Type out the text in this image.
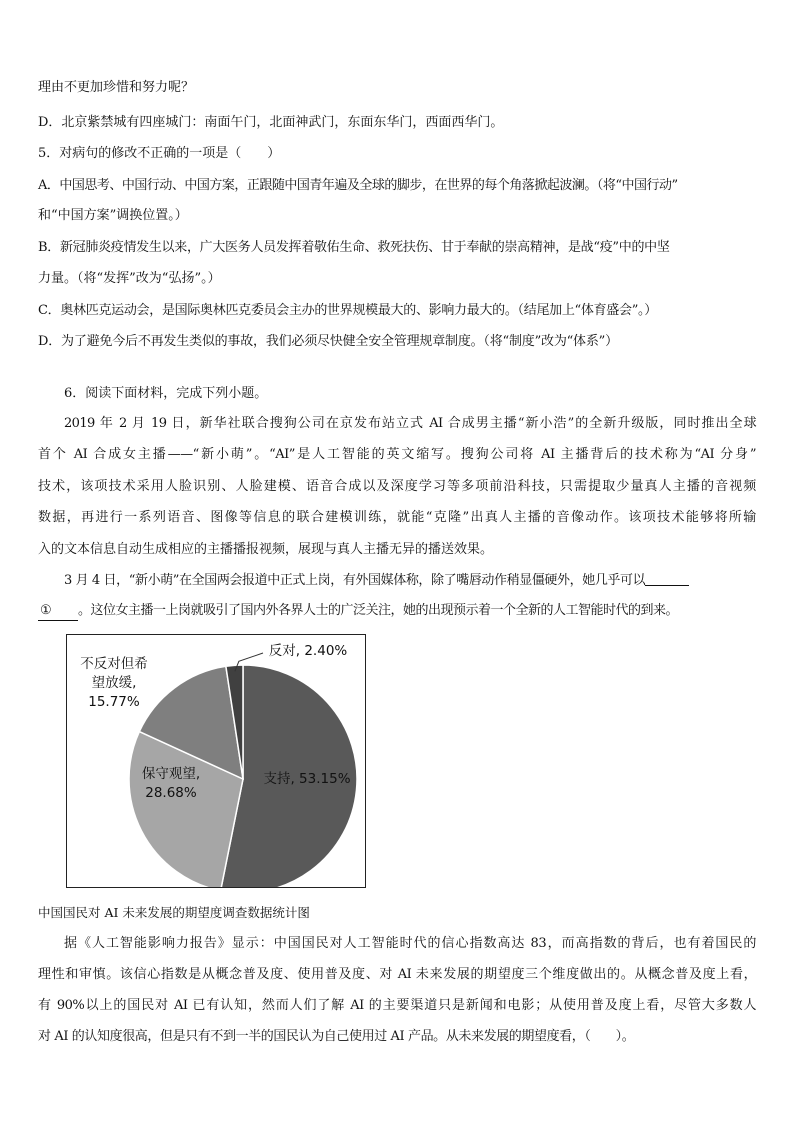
理由不更加珍惜和努力呢？
D．北京紫禁城有四座城门：南面午门，北面神武门，东面东华门，西面西华门。
5．对病句的修改不正确的一项是（　　）
A．中国思考、中国行动、中国方案，正跟随中国青年遍及全球的脚步，在世界的每个角落掀起波澜。（将“中国行动”
和“中国方案”调换位置。）
B．新冠肺炎疫情发生以来，广大医务人员发挥着敬佑生命、救死扶伤、甘于奉献的崇高精神，是战“疫”中的中坚
力量。（将“发挥”改为“弘扬”。）
C．奥林匹克运动会，是国际奥林匹克委员会主办的世界规模最大的、影响力最大的。（结尾加上“体育盛会”。）
D．为了避免今后不再发生类似的事故，我们必须尽快健全安全管理规章制度。（将“制度”改为“体系”）
6．阅读下面材料，完成下列小题。
2019 年 2 月 19 日，新华社联合搜狗公司在京发布站立式 AI 合成男主播“新小浩”的全新升级版，同时推出全球
首个 AI 合成女主播——“新小萌”。“AI”是人工智能的英文缩写。搜狗公司将 AI 主播背后的技术称为“AI 分身”
技术，该项技术采用人脸识别、人脸建模、语音合成以及深度学习等多项前沿科技，只需提取少量真人主播的音视频
数据，再进行一系列语音、图像等信息的联合建模训练，就能“克隆”出真人主播的音像动作。该项技术能够将所输
入的文本信息自动生成相应的主播播报视频，展现与真人主播无异的播送效果。
3 月 4 日，“新小萌”在全国两会报道中正式上岗，有外国媒体称，除了嘴唇动作稍显僵硬外，她几乎可以
① 。这位女主播一上岗就吸引了国内外各界人士的广泛关注，她的出现预示着一个全新的人工智能时代的到来。
支持, 53.15%
保守观望, 28.68%
不反对但希望放缓, 15.77%
反对, 2.40%
中国国民对 AI 未来发展的期望度调查数据统计图
据《人工智能影响力报告》显示：中国国民对人工智能时代的信心指数高达 83，而高指数的背后，也有着国民的
理性和审慎。该信心指数是从概念普及度、使用普及度、对 AI 未来发展的期望度三个维度做出的。从概念普及度上看，
有 90%以上的国民对 AI 已有认知，然而人们了解 AI 的主要渠道只是新闻和电影；从使用普及度上看，尽管大多数人
对 AI 的认知度很高，但是只有不到一半的国民认为自己使用过 AI 产品。从未来发展的期望度看，（　　）。
